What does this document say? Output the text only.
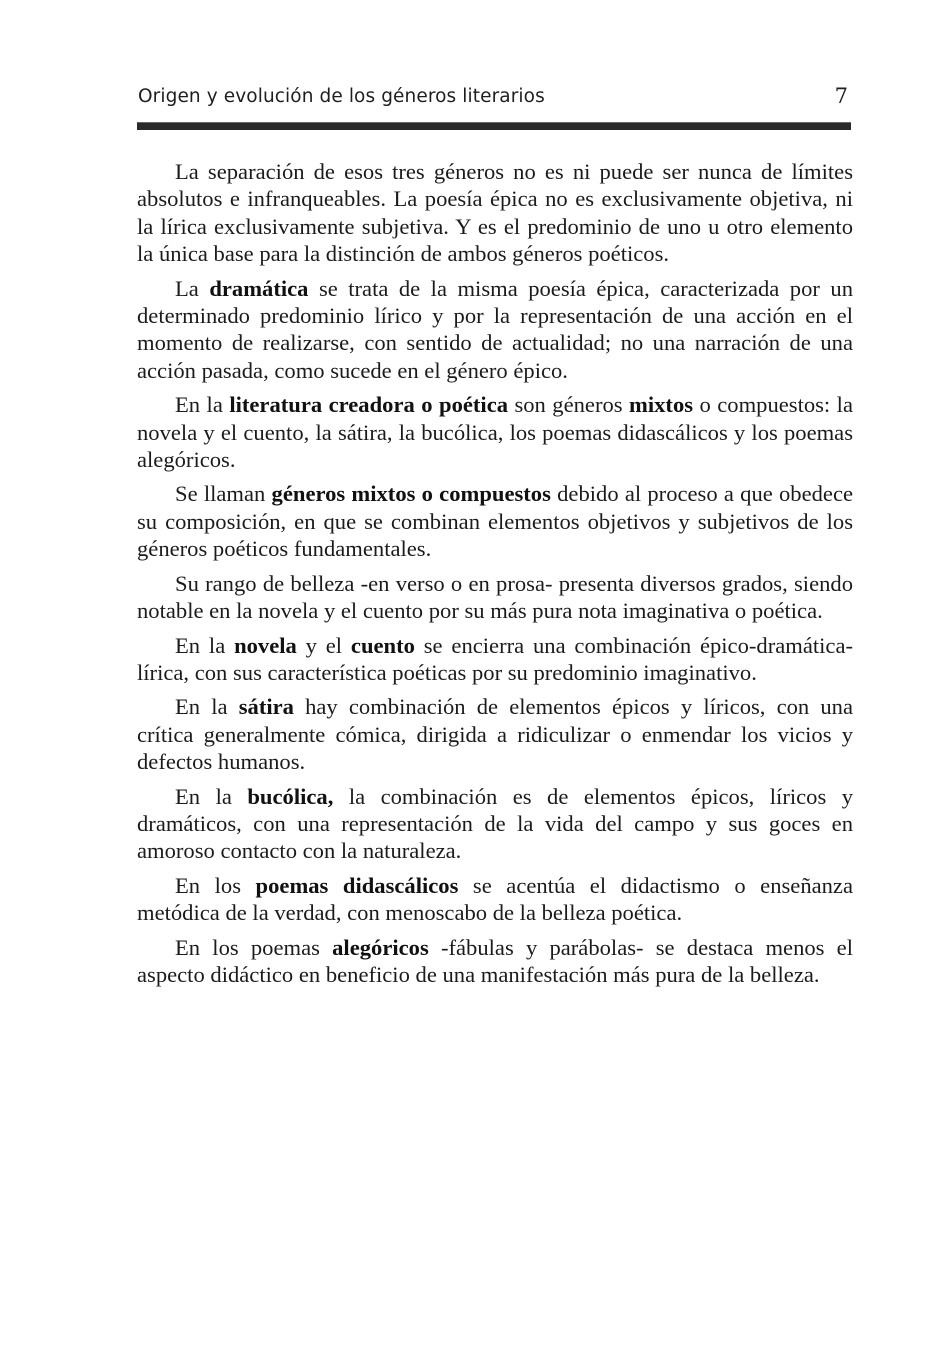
Origen y evolución de los géneros literarios	7

La separación de esos tres géneros no es ni puede ser nunca de límites absolutos e infranqueables. La poesía épica no es exclusivamente objetiva, ni la lírica exclusivamente subjetiva. Y es el predominio de uno u otro elemento la única base para la distinción de ambos géneros poéticos.

La dramática se trata de la misma poesía épica, caracterizada por un determinado predominio lírico y por la representación de una acción en el momento de realizarse, con sentido de actualidad; no una narración de una acción pasada, como sucede en el género épico.

En la literatura creadora o poética son géneros mixtos o compuestos: la novela y el cuento, la sátira, la bucólica, los poemas didascálicos y los poemas alegóricos.

Se llaman géneros mixtos o compuestos debido al proceso a que obedece su composición, en que se combinan elementos objetivos y subjetivos de los géneros poéticos fundamentales.

Su rango de belleza -en verso o en prosa- presenta diversos grados, siendo notable en la novela y el cuento por su más pura nota imaginativa o poética.

En la novela y el cuento se encierra una combinación épico-dramática-lírica, con sus característica poéticas por su predominio imaginativo.

En la sátira hay combinación de elementos épicos y líricos, con una crítica generalmente cómica, dirigida a ridiculizar o enmendar los vicios y defectos humanos.

En la bucólica, la combinación es de elementos épicos, líricos y dramáticos, con una representación de la vida del campo y sus goces en amoroso contacto con la naturaleza.

En los poemas didascálicos se acentúa el didactismo o enseñanza metódica de la verdad, con menoscabo de la belleza poética.

En los poemas alegóricos -fábulas y parábolas- se destaca menos el aspecto didáctico en beneficio de una manifestación más pura de la belleza.
